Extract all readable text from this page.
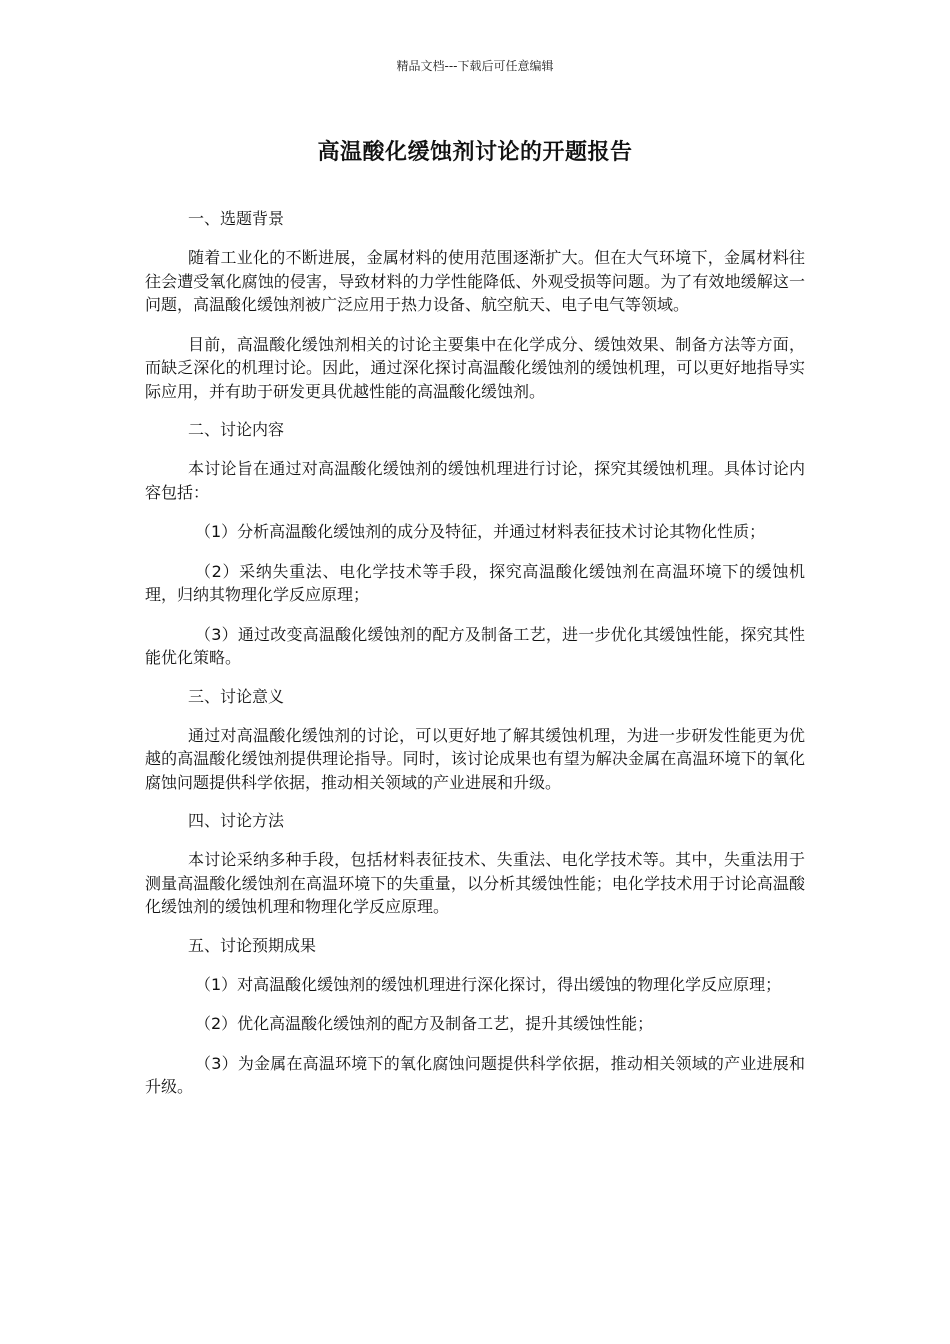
精品文档---下载后可任意编辑
高温酸化缓蚀剂讨论的开题报告
一、选题背景

随着工业化的不断进展，金属材料的使用范围逐渐扩大。但在大气环境下，金属材料往往会遭受氧化腐蚀的侵害，导致材料的力学性能降低、外观受损等问题。为了有效地缓解这一问题，高温酸化缓蚀剂被广泛应用于热力设备、航空航天、电子电气等领域。

目前，高温酸化缓蚀剂相关的讨论主要集中在化学成分、缓蚀效果、制备方法等方面，而缺乏深化的机理讨论。因此，通过深化探讨高温酸化缓蚀剂的缓蚀机理，可以更好地指导实际应用，并有助于研发更具优越性能的高温酸化缓蚀剂。

二、讨论内容

本讨论旨在通过对高温酸化缓蚀剂的缓蚀机理进行讨论，探究其缓蚀机理。具体讨论内容包括：

（1）分析高温酸化缓蚀剂的成分及特征，并通过材料表征技术讨论其物化性质；

（2）采纳失重法、电化学技术等手段，探究高温酸化缓蚀剂在高温环境下的缓蚀机理，归纳其物理化学反应原理；

（3）通过改变高温酸化缓蚀剂的配方及制备工艺，进一步优化其缓蚀性能，探究其性能优化策略。

三、讨论意义

通过对高温酸化缓蚀剂的讨论，可以更好地了解其缓蚀机理，为进一步研发性能更为优越的高温酸化缓蚀剂提供理论指导。同时，该讨论成果也有望为解决金属在高温环境下的氧化腐蚀问题提供科学依据，推动相关领域的产业进展和升级。

四、讨论方法

本讨论采纳多种手段，包括材料表征技术、失重法、电化学技术等。其中，失重法用于测量高温酸化缓蚀剂在高温环境下的失重量，以分析其缓蚀性能；电化学技术用于讨论高温酸化缓蚀剂的缓蚀机理和物理化学反应原理。

五、讨论预期成果

（1）对高温酸化缓蚀剂的缓蚀机理进行深化探讨，得出缓蚀的物理化学反应原理；

（2）优化高温酸化缓蚀剂的配方及制备工艺，提升其缓蚀性能；

（3）为金属在高温环境下的氧化腐蚀问题提供科学依据，推动相关领域的产业进展和升级。
